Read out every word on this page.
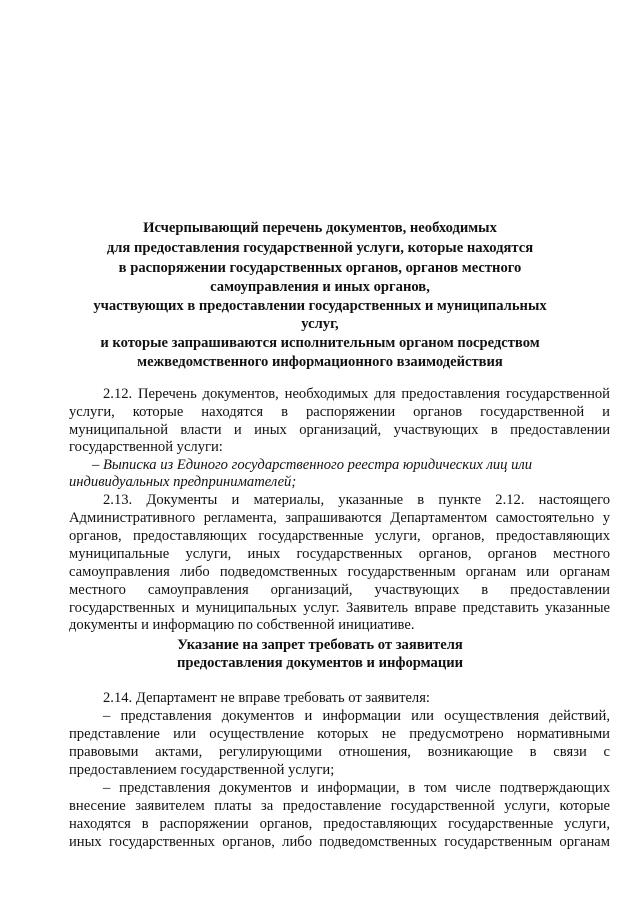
Исчерпывающий перечень документов, необходимых
для предоставления государственной услуги, которые находятся
в распоряжении государственных органов, органов местного
самоуправления и иных органов,
участвующих в предоставлении государственных и муниципальных
услуг,
и которые запрашиваются исполнительным органом посредством
межведомственного информационного взаимодействия
2.12. Перечень документов, необходимых для предоставления государственной
услуги, которые находятся в распоряжении органов государственной и
муниципальной власти и иных организаций, участвующих в предоставлении
государственной услуги:
– Выписка из Единого государственного реестра юридических лиц или
индивидуальных предпринимателей;
2.13. Документы и материалы, указанные в пункте 2.12. настоящего
Административного регламента, запрашиваются Департаментом самостоятельно у
органов, предоставляющих государственные услуги, органов, предоставляющих
муниципальные услуги, иных государственных органов, органов местного
самоуправления либо подведомственных государственным органам или органам
местного самоуправления организаций, участвующих в предоставлении
государственных и муниципальных услуг. Заявитель вправе представить указанные
документы и информацию по собственной инициативе.
Указание на запрет требовать от заявителя
предоставления документов и информации
2.14. Департамент не вправе требовать от заявителя:
– представления документов и информации или осуществления действий,
представление или осуществление которых не предусмотрено нормативными
правовыми актами, регулирующими отношения, возникающие в связи с
предоставлением государственной услуги;
– представления документов и информации, в том числе подтверждающих
внесение заявителем платы за предоставление государственной услуги, которые
находятся в распоряжении органов, предоставляющих государственные услуги,
иных государственных органов, либо подведомственных государственным органам
